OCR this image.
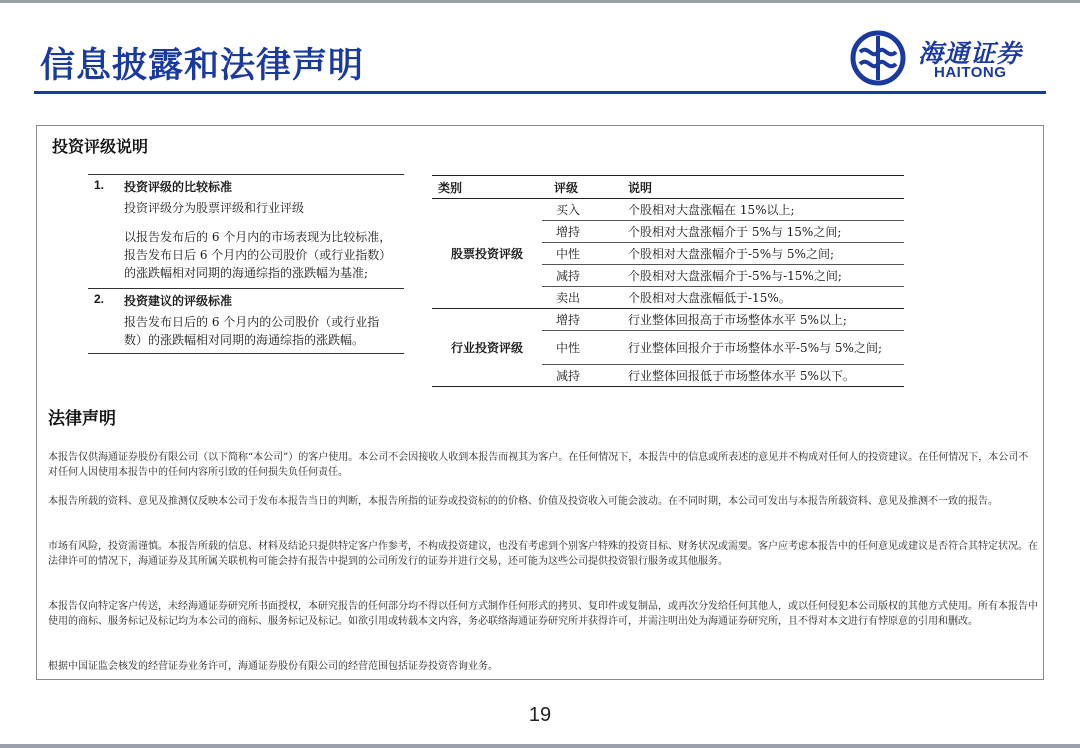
信息披露和法律声明	海通证券
HAITONG
投资评级说明
1.	投资评级的比较标准
投资评级分为股票评级和行业评级
以报告发布后的 6 个月内的市场表现为比较标准，报告发布日后 6 个月内的公司股价（或行业指数）的涨跌幅相对同期的海通综指的涨跌幅为基准;
2.	投资建议的评级标准
报告发布日后的 6 个月内的公司股价（或行业指数）的涨跌幅相对同期的海通综指的涨跌幅。
类别	评级	说明
股票投资评级	买入	个股相对大盘涨幅在 15%以上;
	增持	个股相对大盘涨幅介于 5%与 15%之间;
	中性	个股相对大盘涨幅介于-5%与 5%之间;
	减持	个股相对大盘涨幅介于-5%与-15%之间;
	卖出	个股相对大盘涨幅低于-15%。
行业投资评级	增持	行业整体回报高于市场整体水平 5%以上;
	中性	行业整体回报介于市场整体水平-5%与 5%之间;
	减持	行业整体回报低于市场整体水平 5%以下。
法律声明
本报告仅供海通证券股份有限公司（以下简称“本公司”）的客户使用。本公司不会因接收人收到本报告而视其为客户。在任何情况下，本报告中的信息或所表述的意见并不构成对任何人的投资建议。在任何情况下，本公司不对任何人因使用本报告中的任何内容所引致的任何损失负任何责任。
本报告所载的资料、意见及推测仅反映本公司于发布本报告当日的判断，本报告所指的证券或投资标的的价格、价值及投资收入可能会波动。在不同时期，本公司可发出与本报告所载资料、意见及推测不一致的报告。
市场有风险，投资需谨慎。本报告所载的信息、材料及结论只提供特定客户作参考，不构成投资建议，也没有考虑到个别客户特殊的投资目标、财务状况或需要。客户应考虑本报告中的任何意见或建议是否符合其特定状况。在法律许可的情况下，海通证券及其所属关联机构可能会持有报告中提到的公司所发行的证券并进行交易，还可能为这些公司提供投资银行服务或其他服务。
本报告仅向特定客户传送，未经海通证券研究所书面授权，本研究报告的任何部分均不得以任何方式制作任何形式的拷贝、复印件或复制品，或再次分发给任何其他人，或以任何侵犯本公司版权的其他方式使用。所有本报告中使用的商标、服务标记及标记均为本公司的商标、服务标记及标记。如欲引用或转载本文内容，务必联络海通证券研究所并获得许可，并需注明出处为海通证券研究所，且不得对本文进行有悖原意的引用和删改。
根据中国证监会核发的经营证券业务许可，海通证券股份有限公司的经营范围包括证券投资咨询业务。
19
